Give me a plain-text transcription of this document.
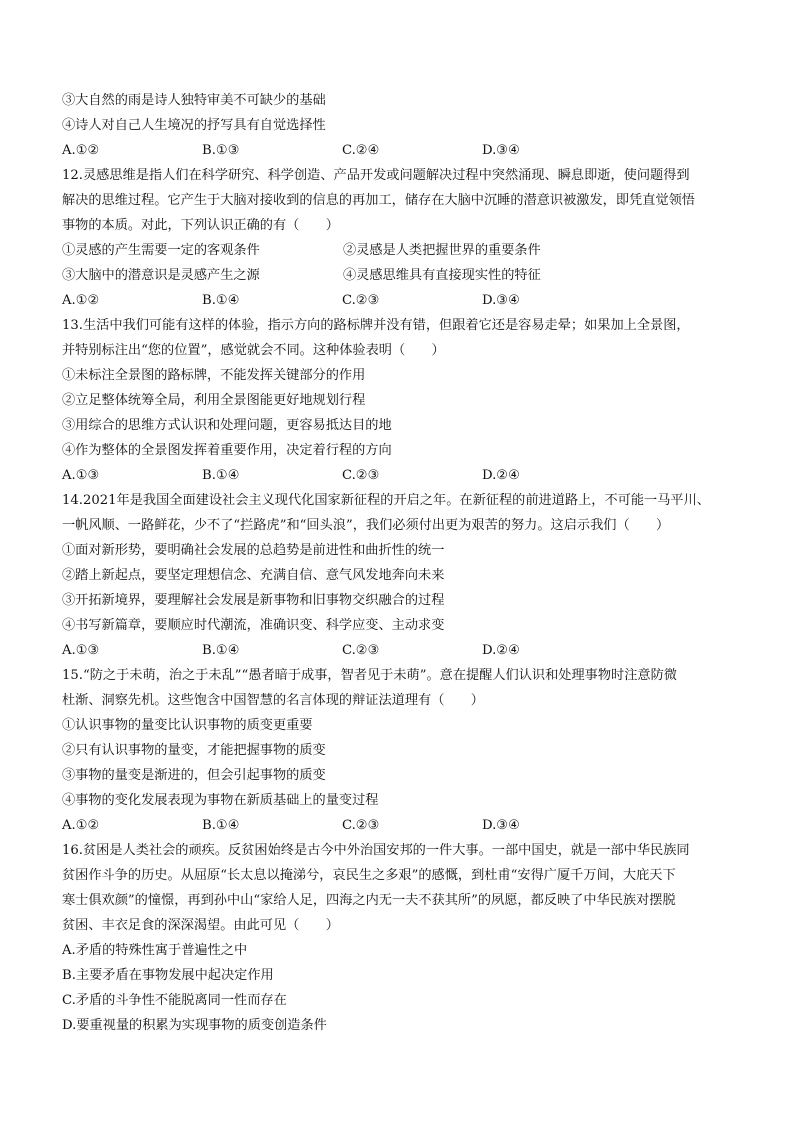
③大自然的雨是诗人独特审美不可缺少的基础
④诗人对自己人生境况的抒写具有自觉选择性
A.①②	B.①③	C.②④	D.③④
12.灵感思维是指人们在科学研究、科学创造、产品开发或问题解决过程中突然涌现、瞬息即逝，使问题得到
解决的思维过程。它产生于大脑对接收到的信息的再加工，储存在大脑中沉睡的潜意识被激发，即凭直觉领悟
事物的本质。对此，下列认识正确的有（　　）
①灵感的产生需要一定的客观条件	②灵感是人类把握世界的重要条件
③大脑中的潜意识是灵感产生之源	④灵感思维具有直接现实性的特征
A.①②	B.①④	C.②③	D.③④
13.生活中我们可能有这样的体验，指示方向的路标牌并没有错，但跟着它还是容易走晕；如果加上全景图，
并特别标注出“您的位置”，感觉就会不同。这种体验表明（　　）
①未标注全景图的路标牌，不能发挥关键部分的作用
②立足整体统筹全局，利用全景图能更好地规划行程
③用综合的思维方式认识和处理问题，更容易抵达目的地
④作为整体的全景图发挥着重要作用，决定着行程的方向
A.①③	B.①④	C.②③	D.②④
14.2021年是我国全面建设社会主义现代化国家新征程的开启之年。在新征程的前进道路上，不可能一马平川、
一帆风顺、一路鲜花，少不了“拦路虎”和“回头浪”，我们必须付出更为艰苦的努力。这启示我们（　　）
①面对新形势，要明确社会发展的总趋势是前进性和曲折性的统一
②踏上新起点，要坚定理想信念、充满自信、意气风发地奔向未来
③开拓新境界，要理解社会发展是新事物和旧事物交织融合的过程
④书写新篇章，要顺应时代潮流，准确识变、科学应变、主动求变
A.①③	B.①④	C.②③	D.②④
15.“防之于未萌，治之于未乱”“愚者暗于成事，智者见于未萌”。意在提醒人们认识和处理事物时注意防微
杜渐、洞察先机。这些饱含中国智慧的名言体现的辩证法道理有（　　）
①认识事物的量变比认识事物的质变更重要
②只有认识事物的量变，才能把握事物的质变
③事物的量变是渐进的，但会引起事物的质变
④事物的变化发展表现为事物在新质基础上的量变过程
A.①②	B.①④	C.②③	D.③④
16.贫困是人类社会的顽疾。反贫困始终是古今中外治国安邦的一件大事。一部中国史，就是一部中华民族同
贫困作斗争的历史。从屈原“长太息以掩涕兮，哀民生之多艰”的感慨，到杜甫“安得广厦千万间，大庇天下
寒士俱欢颜”的憧憬，再到孙中山“家给人足，四海之内无一夫不获其所”的夙愿，都反映了中华民族对摆脱
贫困、丰衣足食的深深渴望。由此可见（　　）
A.矛盾的特殊性寓于普遍性之中
B.主要矛盾在事物发展中起决定作用
C.矛盾的斗争性不能脱离同一性而存在
D.要重视量的积累为实现事物的质变创造条件
